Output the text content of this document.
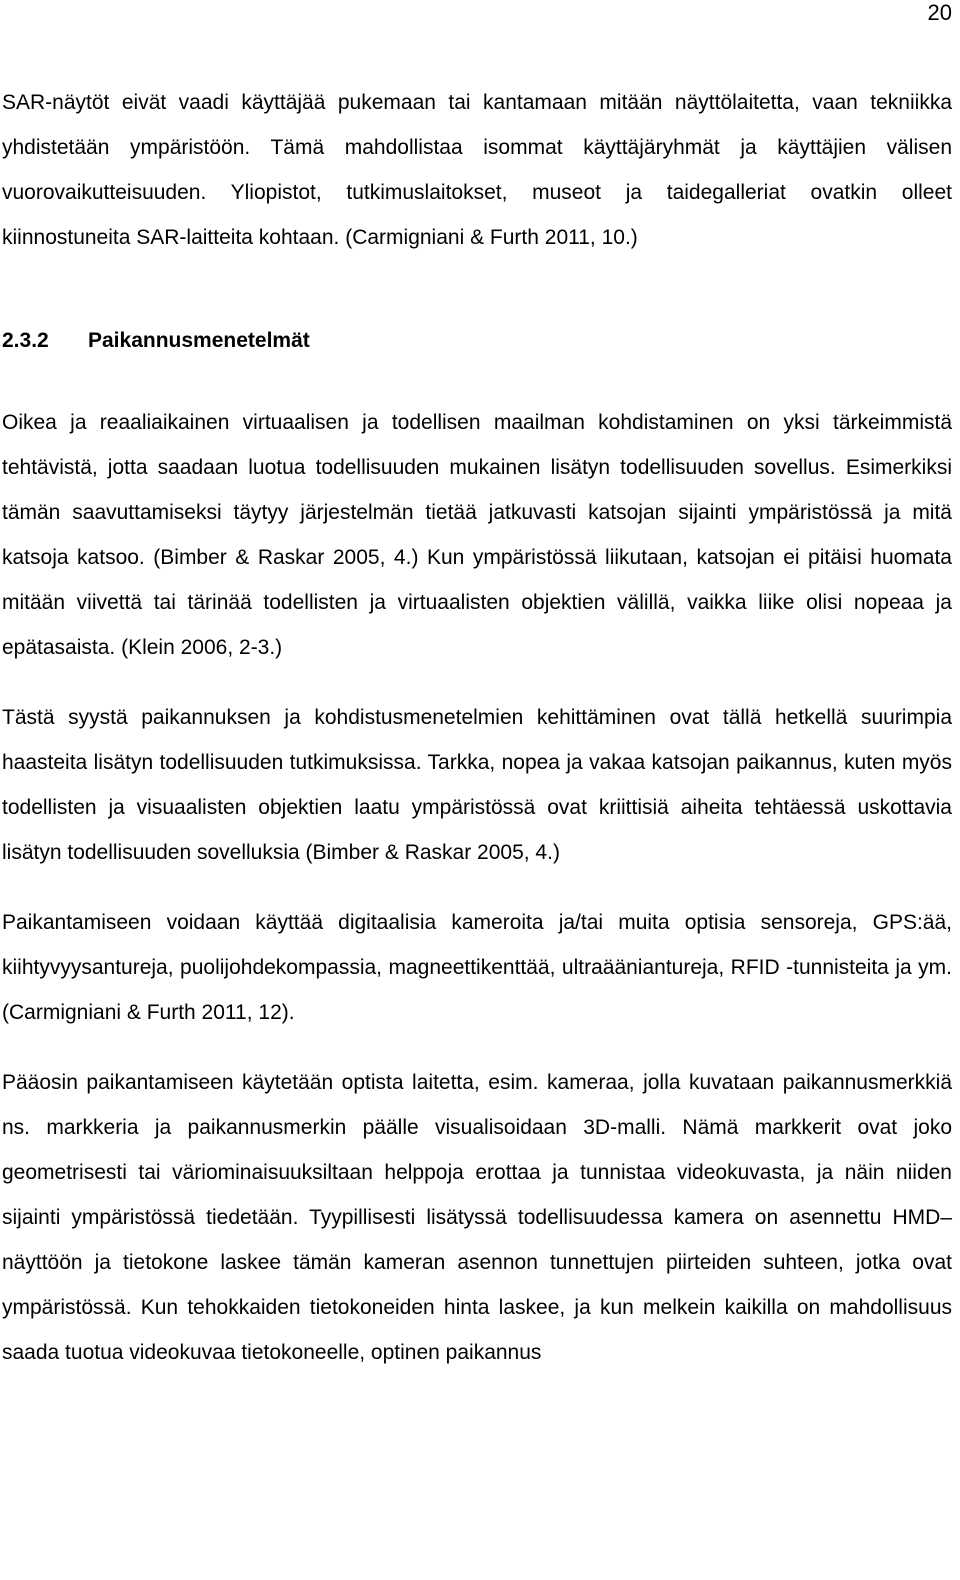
20

SAR-näytöt eivät vaadi käyttäjää pukemaan tai kantamaan mitään näyttölaitetta, vaan tekniikka yhdistetään ympäristöön. Tämä mahdollistaa isommat käyttäjäryhmät ja käyttäjien välisen vuorovaikutteisuuden. Yliopistot, tutkimuslaitokset, museot ja taidegalleriat ovatkin olleet kiinnostuneita SAR-laitteita kohtaan. (Carmigniani & Furth 2011, 10.)

2.3.2 Paikannusmenetelmät

Oikea ja reaaliaikainen virtuaalisen ja todellisen maailman kohdistaminen on yksi tärkeimmistä tehtävistä, jotta saadaan luotua todellisuuden mukainen lisätyn todellisuuden sovellus. Esimerkiksi tämän saavuttamiseksi täytyy järjestelmän tietää jatkuvasti katsojan sijainti ympäristössä ja mitä katsoja katsoo. (Bimber & Raskar 2005, 4.) Kun ympäristössä liikutaan, katsojan ei pitäisi huomata mitään viivettä tai tärinää todellisten ja virtuaalisten objektien välillä, vaikka liike olisi nopeaa ja epätasaista. (Klein 2006, 2-3.)

Tästä syystä paikannuksen ja kohdistusmenetelmien kehittäminen ovat tällä hetkellä suurimpia haasteita lisätyn todellisuuden tutkimuksissa. Tarkka, nopea ja vakaa katsojan paikannus, kuten myös todellisten ja visuaalisten objektien laatu ympäristössä ovat kriittisiä aiheita tehtäessä uskottavia lisätyn todellisuuden sovelluksia (Bimber & Raskar 2005, 4.)

Paikantamiseen voidaan käyttää digitaalisia kameroita ja/tai muita optisia sensoreja, GPS:ää, kiihtyvyysantureja, puolijohdekompassia, magneettikenttää, ultraääniantureja, RFID -tunnisteita ja ym. (Carmigniani & Furth 2011, 12).

Pääosin paikantamiseen käytetään optista laitetta, esim. kameraa, jolla kuvataan paikannusmerkkiä ns. markkeria ja paikannusmerkin päälle visualisoidaan 3D-malli. Nämä markkerit ovat joko geometrisesti tai väriominaisuuksiltaan helppoja erottaa ja tunnistaa videokuvasta, ja näin niiden sijainti ympäristössä tiedetään. Tyypillisesti lisätyssä todellisuudessa kamera on asennettu HMD–näyttöön ja tietokone laskee tämän kameran asennon tunnettujen piirteiden suhteen, jotka ovat ympäristössä. Kun tehokkaiden tietokoneiden hinta laskee, ja kun melkein kaikilla on mahdollisuus saada tuotua videokuvaa tietokoneelle, optinen paikannus
